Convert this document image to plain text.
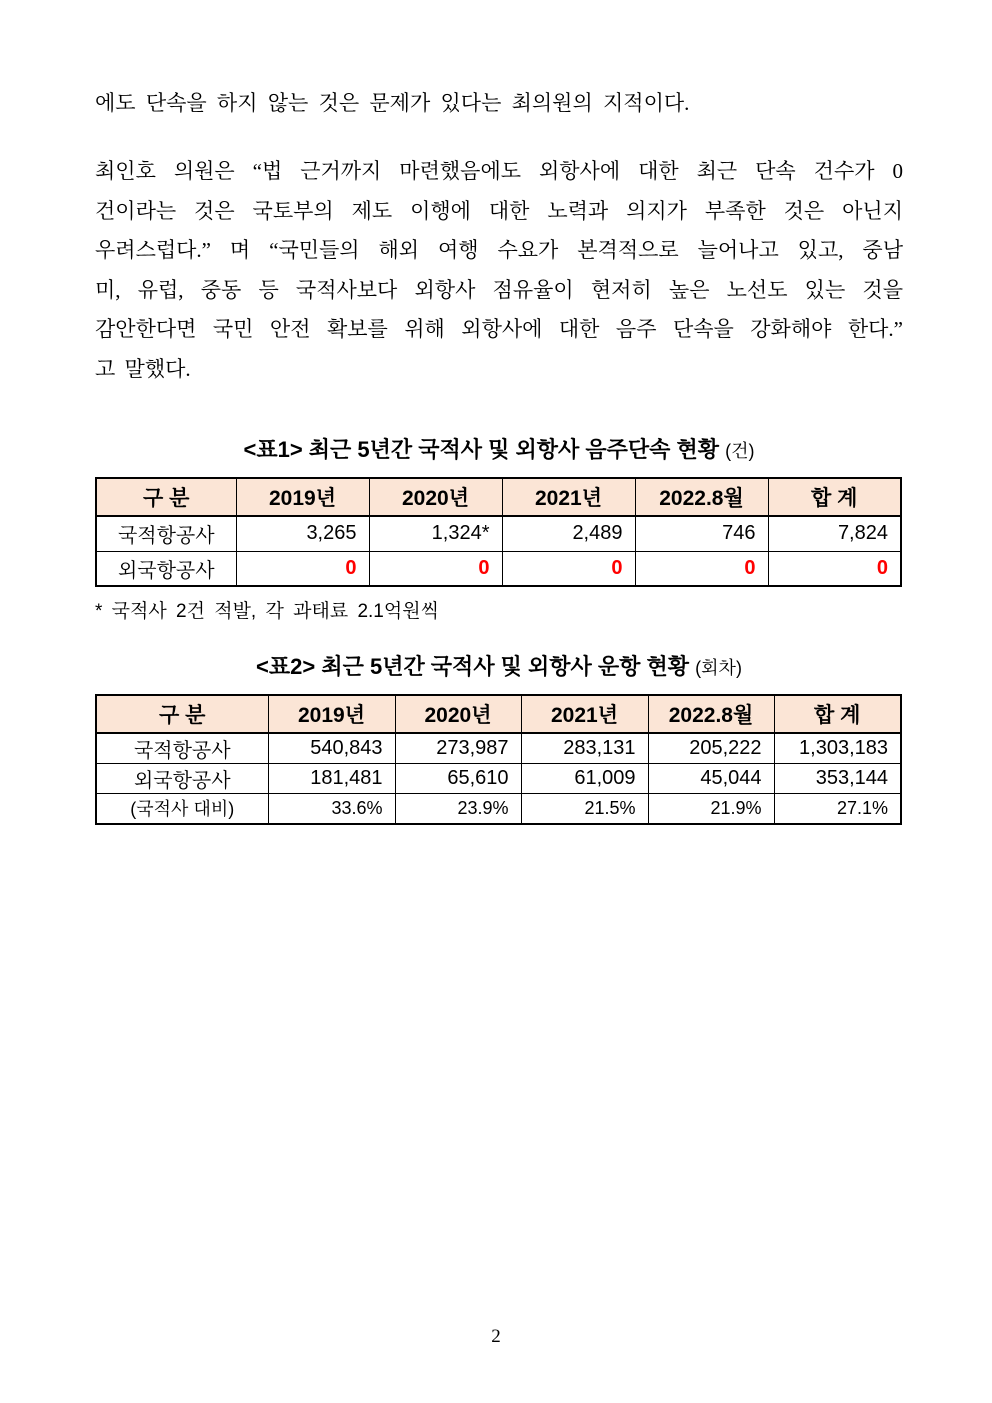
에도 단속을 하지 않는 것은 문제가 있다는 최의원의 지적이다.
최인호 의원은 “법 근거까지 마련했음에도 외항사에 대한 최근 단속 건수가 0
건이라는 것은 국토부의 제도 이행에 대한 노력과 의지가 부족한 것은 아닌지
우려스럽다.” 며 “국민들의 해외 여행 수요가 본격적으로 늘어나고 있고, 중남
미, 유럽, 중동 등 국적사보다 외항사 점유율이 현저히 높은 노선도 있는 것을
감안한다면 국민 안전 확보를 위해 외항사에 대한 음주 단속을 강화해야 한다.”
고 말했다.
<표1> 최근 5년간 국적사 및 외항사 음주단속 현황 (건)
구 분	2019년	2020년	2021년	2022.8월	합 계
국적항공사	3,265	1,324*	2,489	746	7,824
외국항공사	0	0	0	0	0
* 국적사 2건 적발, 각 과태료 2.1억원씩
<표2> 최근 5년간 국적사 및 외항사 운항 현황 (회차)
구 분	2019년	2020년	2021년	2022.8월	합 계
국적항공사	540,843	273,987	283,131	205,222	1,303,183
외국항공사	181,481	65,610	61,009	45,044	353,144
(국적사 대비)	33.6%	23.9%	21.5%	21.9%	27.1%
2
